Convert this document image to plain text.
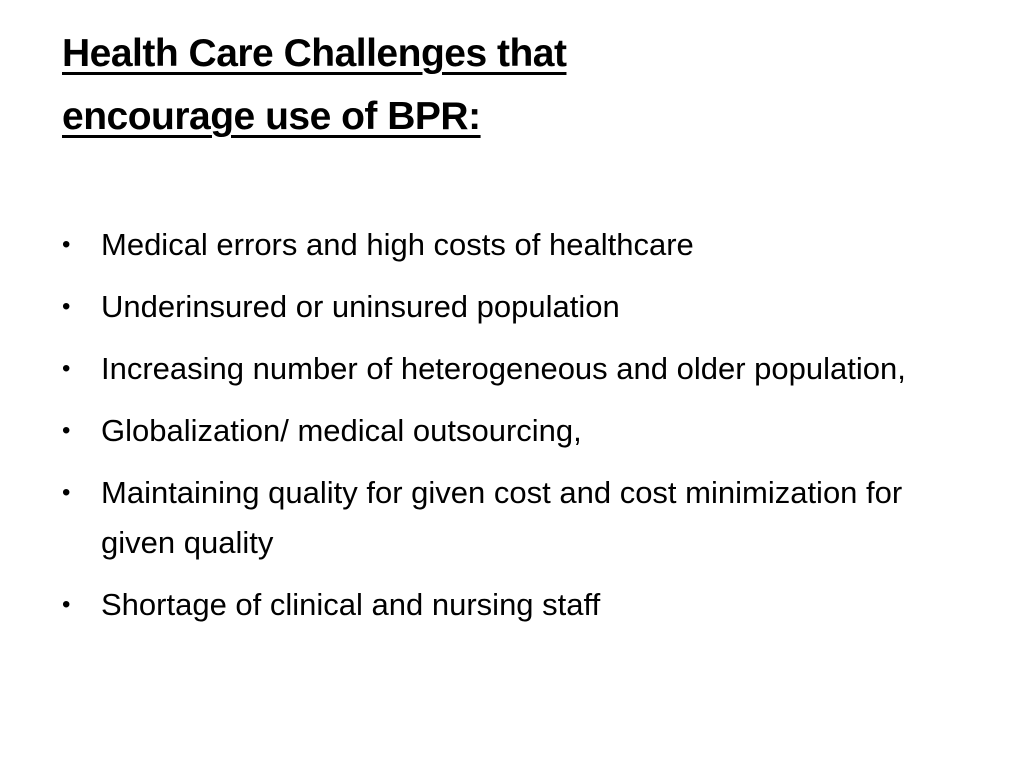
Health Care Challenges that
encourage use of BPR:
• Medical errors and high costs of healthcare
• Underinsured or uninsured population
• Increasing number of heterogeneous and older population,
• Globalization/ medical outsourcing,
• Maintaining quality for given cost and cost minimization for given quality
• Shortage of clinical and nursing staff
